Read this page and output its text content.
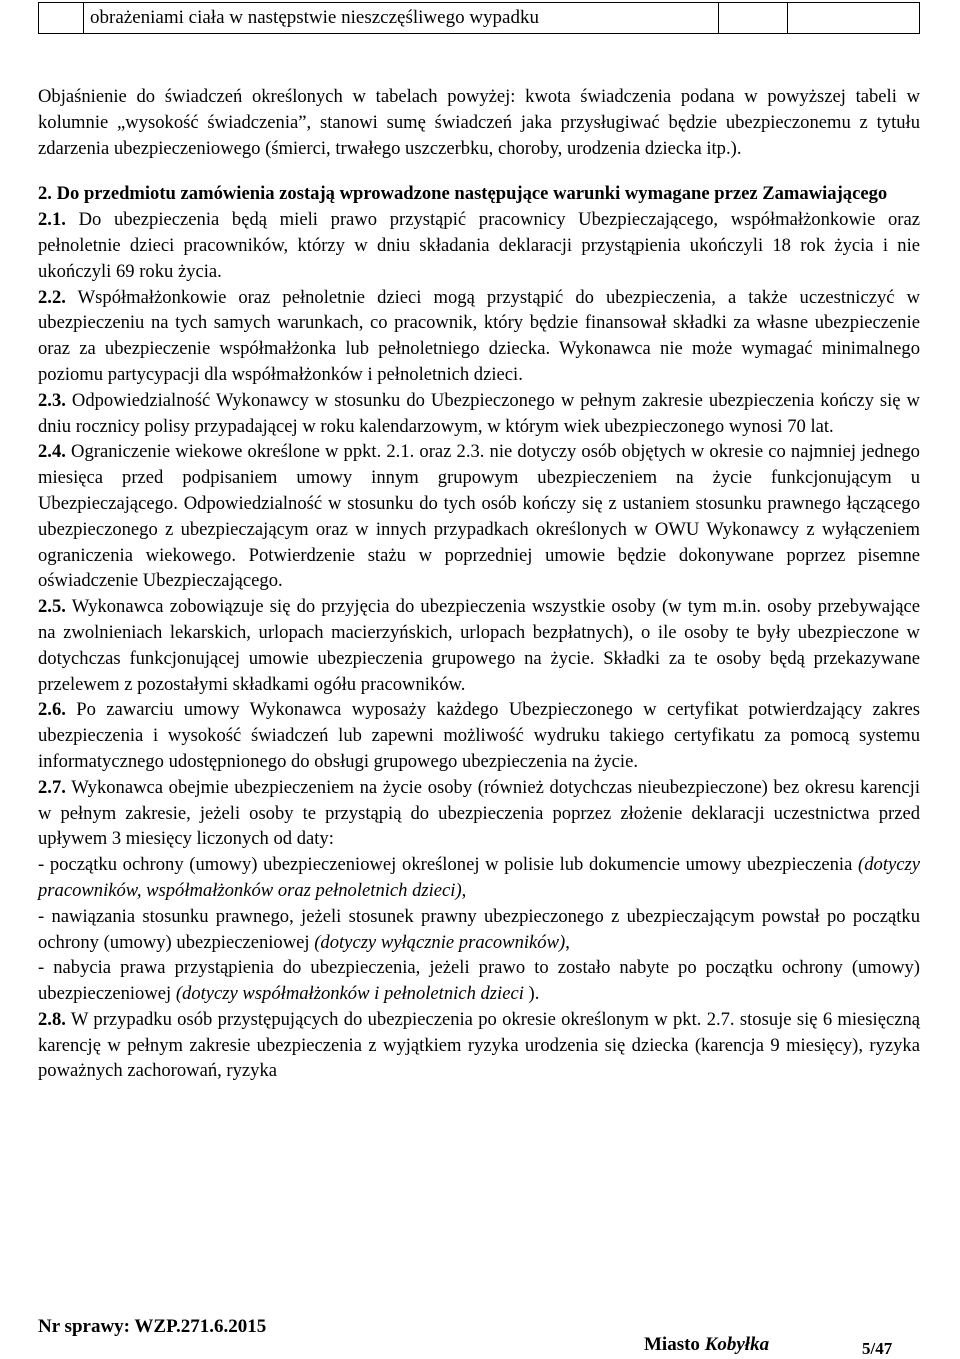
	obrażeniami ciała w następstwie nieszczęśliwego wypadku		

Objaśnienie do świadczeń określonych w tabelach powyżej: kwota świadczenia podana w powyższej tabeli w kolumnie „wysokość świadczenia”, stanowi sumę świadczeń jaka przysługiwać będzie ubezpieczonemu z tytułu zdarzenia ubezpieczeniowego (śmierci, trwałego uszczerbku, choroby, urodzenia dziecka itp.).

2. Do przedmiotu zamówienia zostają wprowadzone następujące warunki wymagane przez Zamawiającego

2.1. Do ubezpieczenia będą mieli prawo przystąpić pracownicy Ubezpieczającego, współmałżonkowie oraz pełnoletnie dzieci pracowników, którzy w dniu składania deklaracji przystąpienia ukończyli 18 rok życia i nie ukończyli 69 roku życia.

2.2. Współmałżonkowie oraz pełnoletnie dzieci mogą przystąpić do ubezpieczenia, a także uczestniczyć w ubezpieczeniu na tych samych warunkach, co pracownik, który będzie finansował składki za własne ubezpieczenie oraz za ubezpieczenie współmałżonka lub pełnoletniego dziecka. Wykonawca nie może wymagać minimalnego poziomu partycypacji dla współmałżonków i pełnoletnich dzieci.

2.3. Odpowiedzialność Wykonawcy w stosunku do Ubezpieczonego w pełnym zakresie ubezpieczenia kończy się w dniu rocznicy polisy przypadającej w roku kalendarzowym, w którym wiek ubezpieczonego wynosi 70 lat.

2.4. Ograniczenie wiekowe określone w ppkt. 2.1. oraz 2.3. nie dotyczy osób objętych w okresie co najmniej jednego miesięca przed podpisaniem umowy innym grupowym ubezpieczeniem na życie funkcjonującym u Ubezpieczającego. Odpowiedzialność w stosunku do tych osób kończy się z ustaniem stosunku prawnego łączącego ubezpieczonego z ubezpieczającym oraz w innych przypadkach określonych w OWU Wykonawcy z wyłączeniem ograniczenia wiekowego. Potwierdzenie stażu w poprzedniej umowie będzie dokonywane poprzez pisemne oświadczenie Ubezpieczającego.

2.5. Wykonawca zobowiązuje się do przyjęcia do ubezpieczenia wszystkie osoby (w tym m.in. osoby przebywające na zwolnieniach lekarskich, urlopach macierzyńskich, urlopach bezpłatnych), o ile osoby te były ubezpieczone w dotychczas funkcjonującej umowie ubezpieczenia grupowego na życie. Składki za te osoby będą przekazywane przelewem z pozostałymi składkami ogółu pracowników.

2.6. Po zawarciu umowy Wykonawca wyposaży każdego Ubezpieczonego w certyfikat potwierdzający zakres ubezpieczenia i wysokość świadczeń lub zapewni możliwość wydruku takiego certyfikatu za pomocą systemu informatycznego udostępnionego do obsługi grupowego ubezpieczenia na życie.

2.7. Wykonawca obejmie ubezpieczeniem na życie osoby (również dotychczas nieubezpieczone) bez okresu karencji w pełnym zakresie, jeżeli osoby te przystąpią do ubezpieczenia poprzez złożenie deklaracji uczestnictwa przed upływem 3 miesięcy liczonych od daty:

- początku ochrony (umowy) ubezpieczeniowej określonej w polisie lub dokumencie umowy ubezpieczenia (dotyczy pracowników, współmałżonków oraz pełnoletnich dzieci),

- nawiązania stosunku prawnego, jeżeli stosunek prawny ubezpieczonego z ubezpieczającym powstał po początku ochrony (umowy) ubezpieczeniowej (dotyczy wyłącznie pracowników),

- nabycia prawa przystąpienia do ubezpieczenia, jeżeli prawo to zostało nabyte po początku ochrony (umowy) ubezpieczeniowej (dotyczy współmałżonków i pełnoletnich dzieci ).

2.8. W przypadku osób przystępujących do ubezpieczenia po okresie określonym w pkt. 2.7. stosuje się 6 miesięczną karencję w pełnym zakresie ubezpieczenia z wyjątkiem ryzyka urodzenia się dziecka (karencja 9 miesięcy), ryzyka poważnych zachorowań, ryzyka

Nr sprawy: WZP.271.6.2015
Miasto Kobyłka	5/47
